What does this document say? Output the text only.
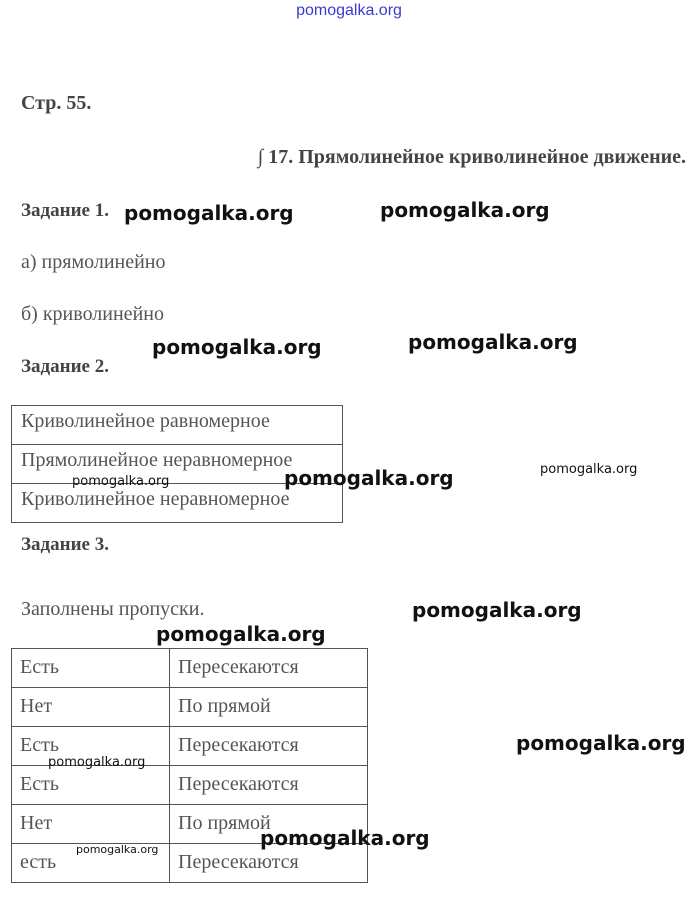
pomogalka.org
Стр. 55.
∫ 17. Прямолинейное криволинейное движение.
Задание 1.
а) прямолинейно
б) криволинейно
Задание 2.
Криволинейное равномерное
Прямолинейное неравномерное
Криволинейное неравномерное
Задание 3.
Заполнены пропуски.
Есть	Пересекаются
Нет	По прямой
Есть	Пересекаются
Есть	Пересекаются
Нет	По прямой
есть	Пересекаются
pomogalka.org	pomogalka.org
pomogalka.org	pomogalka.org
pomogalka.org
pomogalka.org
pomogalka.org
pomogalka.org
pomogalka.org
pomogalka.org
pomogalka.org
pomogalka.org
pomogalka.org
